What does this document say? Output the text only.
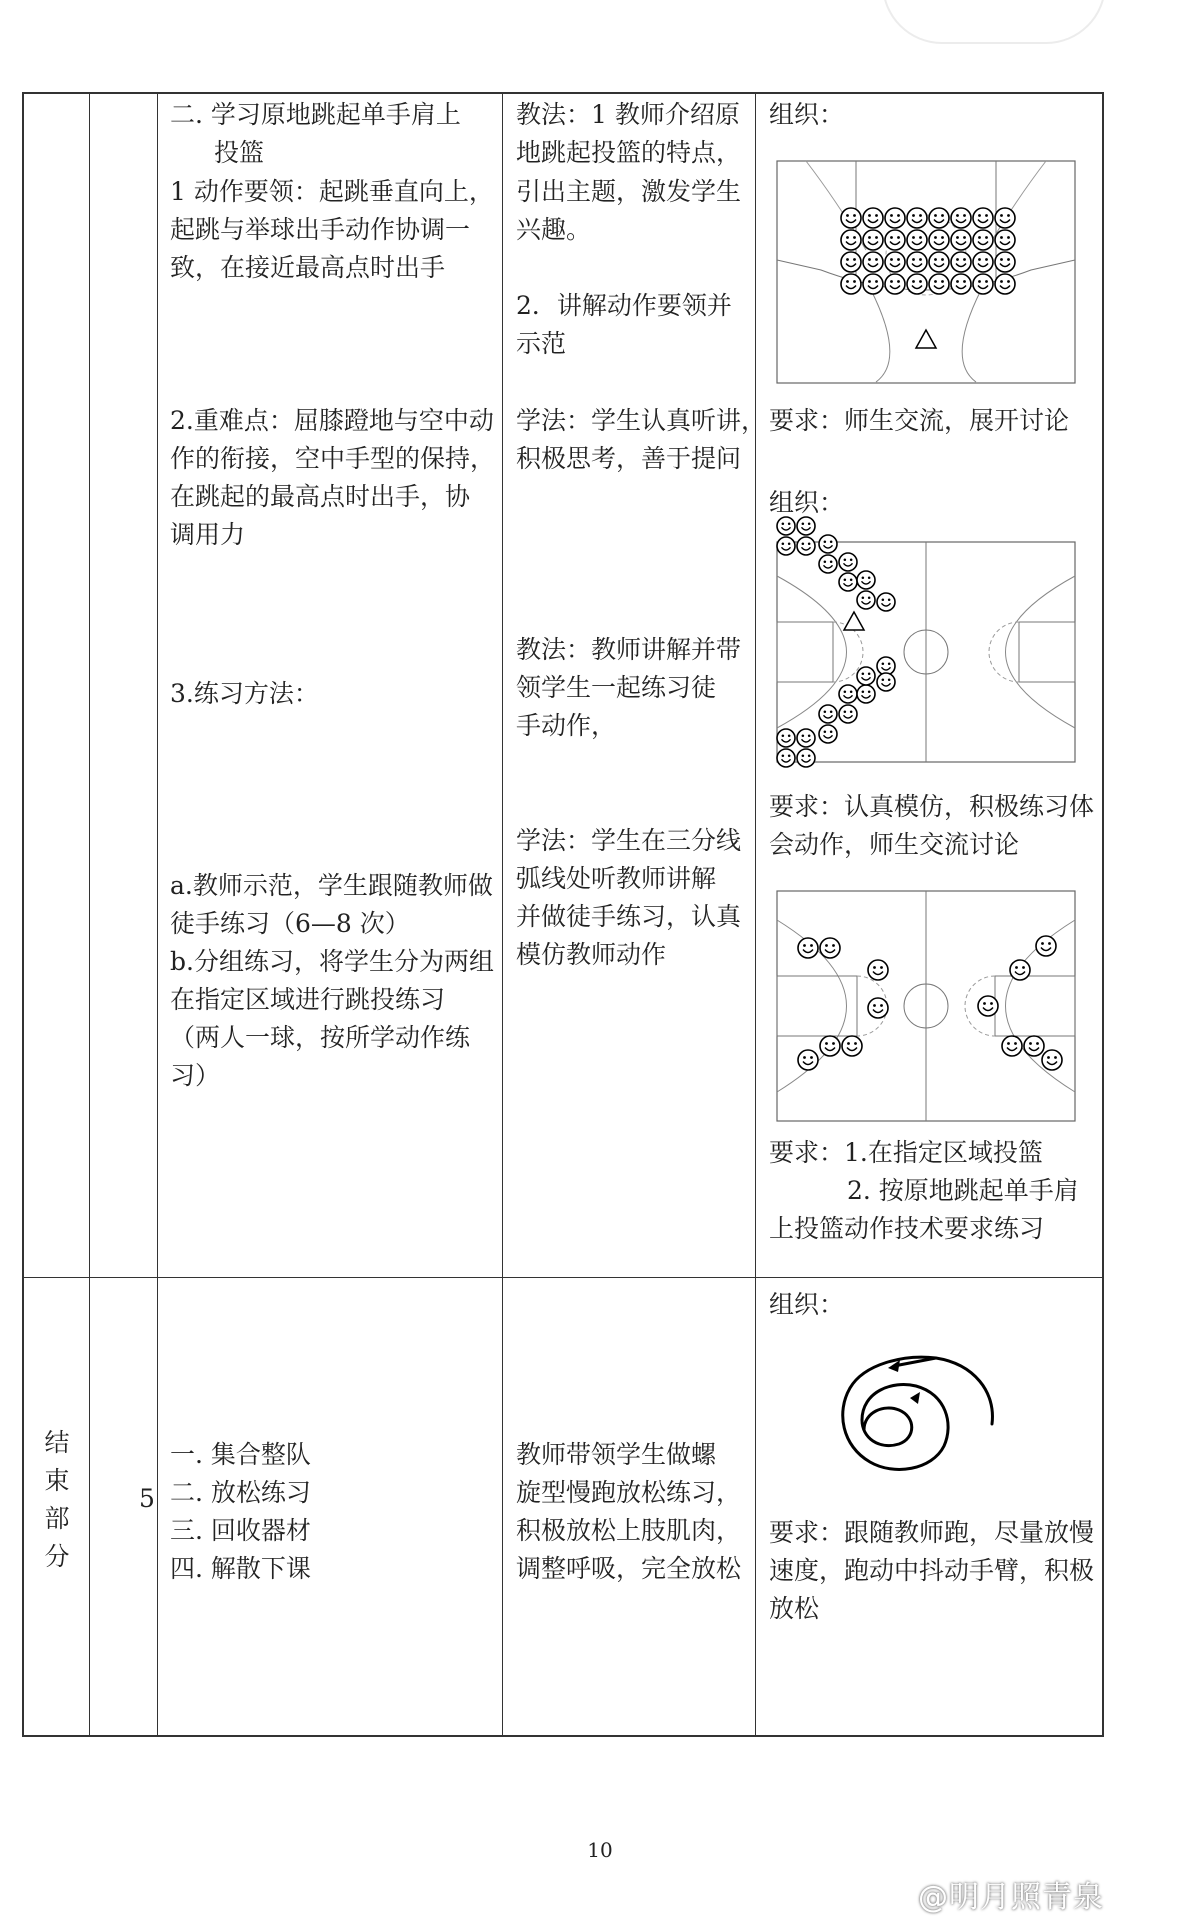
二. 学习原地跳起单手肩上
投篮
1 动作要领：起跳垂直向上，
起跳与举球出手动作协调一
致，在接近最高点时出手
2.重难点：屈膝蹬地与空中动
作的衔接，空中手型的保持，
在跳起的最高点时出手，协
调用力
3.练习方法：
a.教师示范，学生跟随教师做
徒手练习（6—8 次）
b.分组练习，将学生分为两组
在指定区域进行跳投练习
（两人一球，按所学动作练
习）
教法：1 教师介绍原
地跳起投篮的特点，
引出主题，激发学生
兴趣。
2．讲解动作要领并
示范
学法：学生认真听讲，
积极思考，善于提问
教法：教师讲解并带
领学生一起练习徒
手动作，
学法：学生在三分线
弧线处听教师讲解
并做徒手练习，认真
模仿教师动作
组织：
要求：师生交流，展开讨论
组织：
要求：认真模仿，积极练习体
会动作，师生交流讨论
要求：1.在指定区域投篮
2. 按原地跳起单手肩
上投篮动作技术要求练习
结
束
部
分
5
一. 集合整队
二. 放松练习
三. 回收器材
四. 解散下课
教师带领学生做螺
旋型慢跑放松练习，
积极放松上肢肌肉，
调整呼吸，完全放松
组织：
要求：跟随教师跑，尽量放慢
速度，跑动中抖动手臂，积极
放松
10
@明月照青泉
